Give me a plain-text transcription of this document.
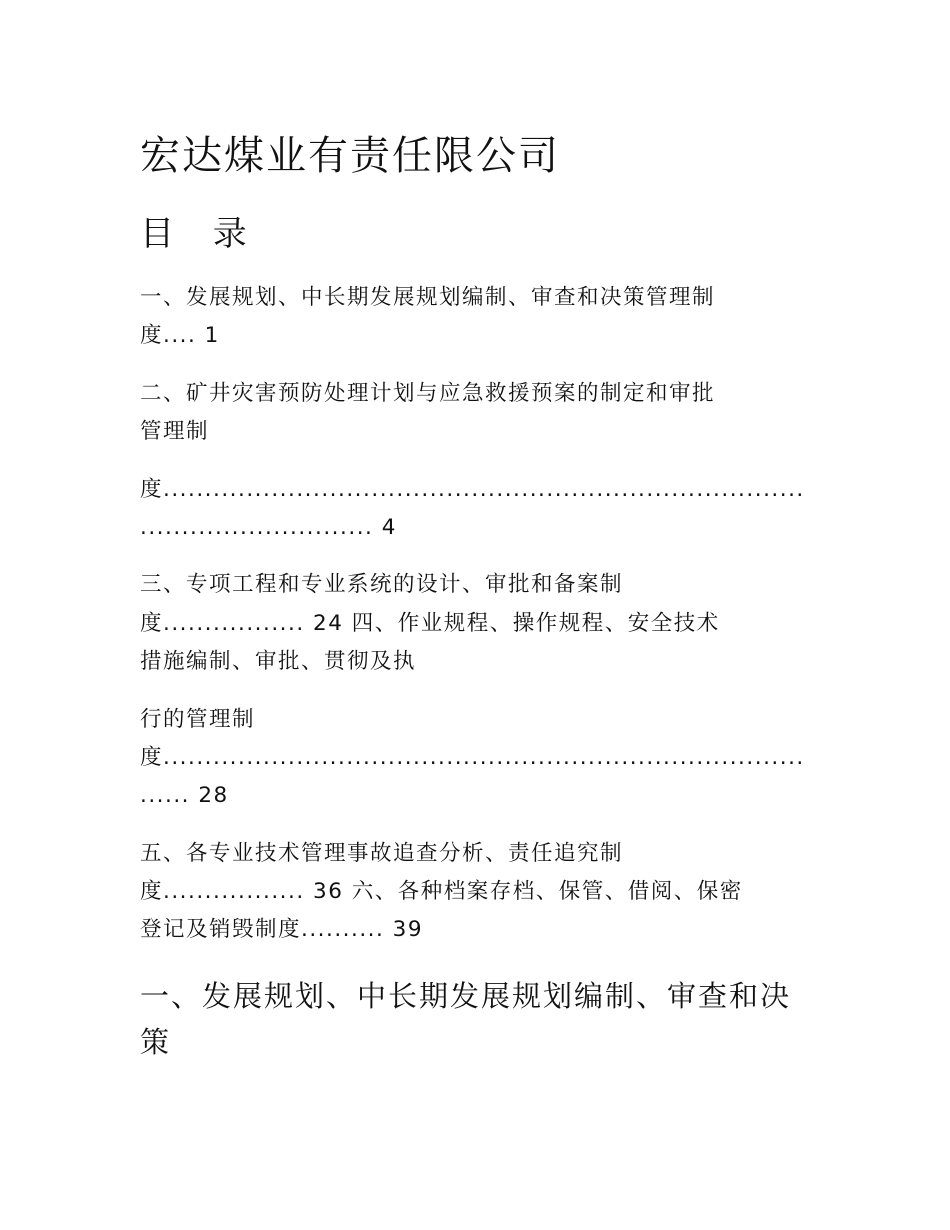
宏达煤业有责任限公司
目 录

一、发展规划、中长期发展规划编制、审查和决策管理制

度.... 1

二、矿井灾害预防处理计划与应急救援预案的制定和审批

管理制

度.............................................................................

............................ 4

三、专项工程和专业系统的设计、审批和备案制

度................. 24 四、作业规程、操作规程、安全技术

措施编制、审批、贯彻及执

行的管理制

度.............................................................................

...... 28

五、各专业技术管理事故追查分析、责任追究制

度................. 36 六、各种档案存档、保管、借阅、保密

登记及销毁制度.......... 39

一、发展规划、中长期发展规划编制、审查和决
策
